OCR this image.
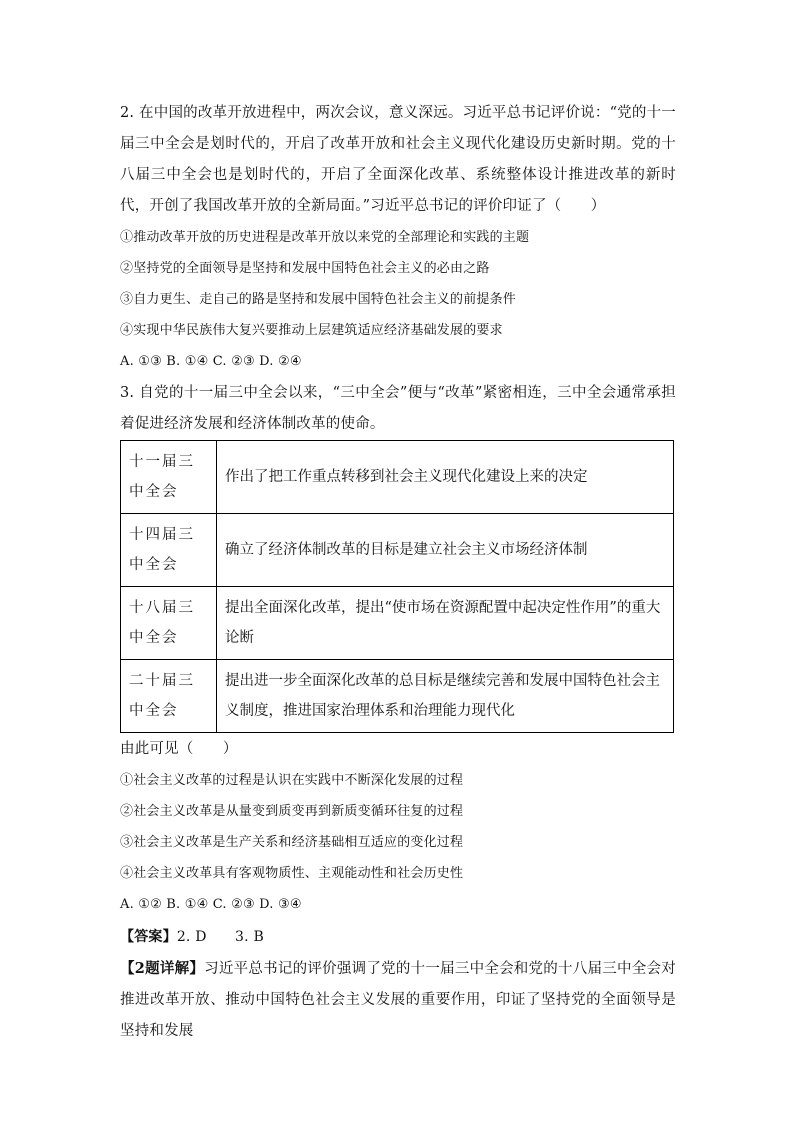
2. 在中国的改革开放进程中，两次会议，意义深远。习近平总书记评价说：“党的十一届三中全会是划时代的，开启了改革开放和社会主义现代化建设历史新时期。党的十八届三中全会也是划时代的，开启了全面深化改革、系统整体设计推进改革的新时代，开创了我国改革开放的全新局面。”习近平总书记的评价印证了（　　）

①推动改革开放的历史进程是改革开放以来党的全部理论和实践的主题

②坚持党的全面领导是坚持和发展中国特色社会主义的必由之路

③自力更生、走自己的路是坚持和发展中国特色社会主义的前提条件

④实现中华民族伟大复兴要推动上层建筑适应经济基础发展的要求

A. ①③ B. ①④ C. ②③ D. ②④

3. 自党的十一届三中全会以来，“三中全会”便与“改革”紧密相连，三中全会通常承担着促进经济发展和经济体制改革的使命。

十一届三中全会	作出了把工作重点转移到社会主义现代化建设上来的决定
十四届三中全会	确立了经济体制改革的目标是建立社会主义市场经济体制
十八届三中全会	提出全面深化改革，提出“使市场在资源配置中起决定性作用”的重大论断
二十届三中全会	提出进一步全面深化改革的总目标是继续完善和发展中国特色社会主义制度，推进国家治理体系和治理能力现代化

由此可见（　　）

①社会主义改革的过程是认识在实践中不断深化发展的过程

②社会主义改革是从量变到质变再到新质变循环往复的过程

③社会主义改革是生产关系和经济基础相互适应的变化过程

④社会主义改革具有客观物质性、主观能动性和社会历史性

A. ①② B. ①④ C. ②③ D. ③④

【答案】2. D　　3. B

【2题详解】习近平总书记的评价强调了党的十一届三中全会和党的十八届三中全会对推进改革开放、推动中国特色社会主义发展的重要作用，印证了坚持党的全面领导是坚持和发展
